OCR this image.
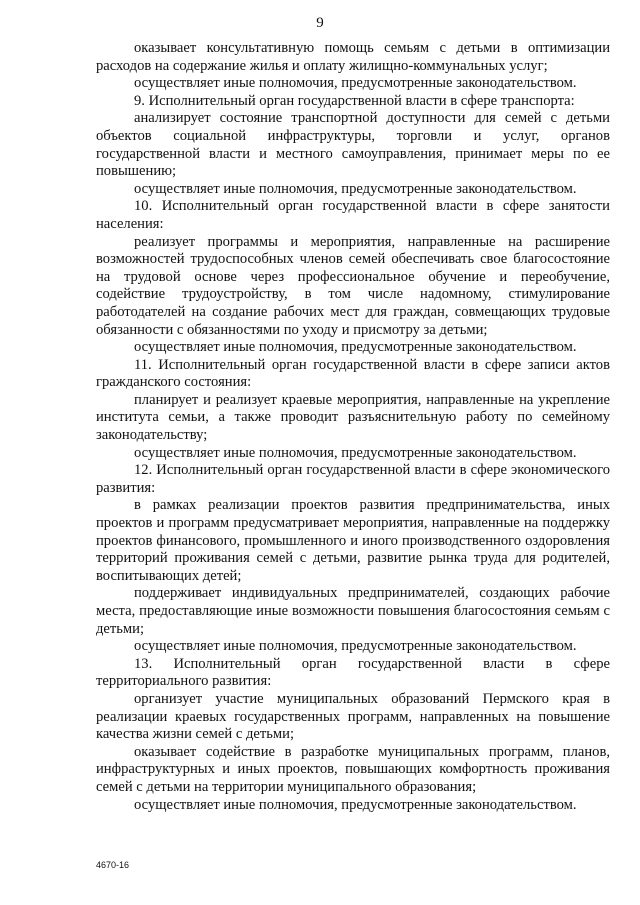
9

оказывает консультативную помощь семьям с детьми в оптимизации расходов на содержание жилья и оплату жилищно-коммунальных услуг;

осуществляет иные полномочия, предусмотренные законодательством.

9. Исполнительный орган государственной власти в сфере транспорта:

анализирует состояние транспортной доступности для семей с детьми объектов социальной инфраструктуры, торговли и услуг, органов государственной власти и местного самоуправления, принимает меры по ее повышению;

осуществляет иные полномочия, предусмотренные законодательством.

10. Исполнительный орган государственной власти в сфере занятости населения:

реализует программы и мероприятия, направленные на расширение возможностей трудоспособных членов семей обеспечивать свое благосостояние на трудовой основе через профессиональное обучение и переобучение, содействие трудоустройству, в том числе надомному, стимулирование работодателей на создание рабочих мест для граждан, совмещающих трудовые обязанности с обязанностями по уходу и присмотру за детьми;

осуществляет иные полномочия, предусмотренные законодательством.

11. Исполнительный орган государственной власти в сфере записи актов гражданского состояния:

планирует и реализует краевые мероприятия, направленные на укрепление института семьи, а также проводит разъяснительную работу по семейному законодательству;

осуществляет иные полномочия, предусмотренные законодательством.

12. Исполнительный орган государственной власти в сфере экономического развития:

в рамках реализации проектов развития предпринимательства, иных проектов и программ предусматривает мероприятия, направленные на поддержку проектов финансового, промышленного и иного производственного оздоровления территорий проживания семей с детьми, развитие рынка труда для родителей, воспитывающих детей;

поддерживает индивидуальных предпринимателей, создающих рабочие места, предоставляющие иные возможности повышения благосостояния семьям с детьми;

осуществляет иные полномочия, предусмотренные законодательством.

13. Исполнительный орган государственной власти в сфере территориального развития:

организует участие муниципальных образований Пермского края в реализации краевых государственных программ, направленных на повышение качества жизни семей с детьми;

оказывает содействие в разработке муниципальных программ, планов, инфраструктурных и иных проектов, повышающих комфортность проживания семей с детьми на территории муниципального образования;

осуществляет иные полномочия, предусмотренные законодательством.

4670-16
